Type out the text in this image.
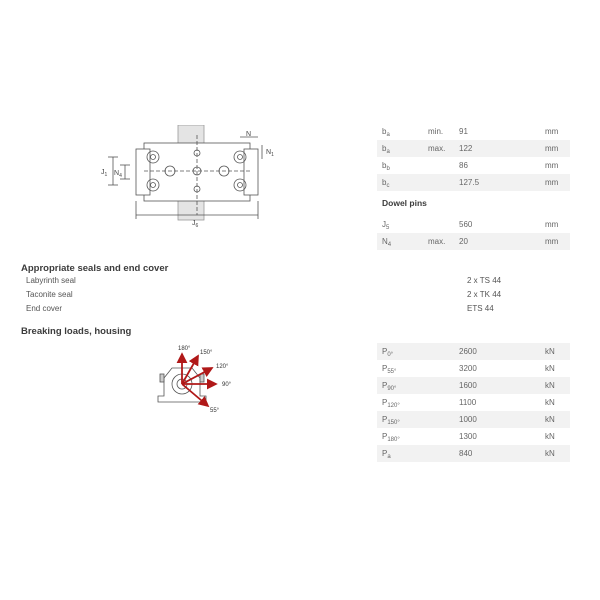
N
$N_1$
$J_1$ $N_4$
$J_6$
$b_a$	min. 91	mm
$b_a$	max. 122	mm
$b_b$	86	mm
$b_c$	127.5	mm
Dowel pins
$J_5$	560	mm
$N_4$	max. 20	mm
Appropriate seals and end cover
Labyrinth seal	2 x TS 44
Taconite seal	2 x TK 44
End cover	ETS 44
Breaking loads, housing
180°
150°
120°
90°
55°
$P_{0^\circ}$	2600	kN
$P_{55^\circ}$	3200	kN
$P_{90^\circ}$	1600	kN
$P_{120^\circ}$	1100	kN
$P_{150^\circ}$	1000	kN
$P_{180^\circ}$	1300	kN
$P_a$	840	kN
